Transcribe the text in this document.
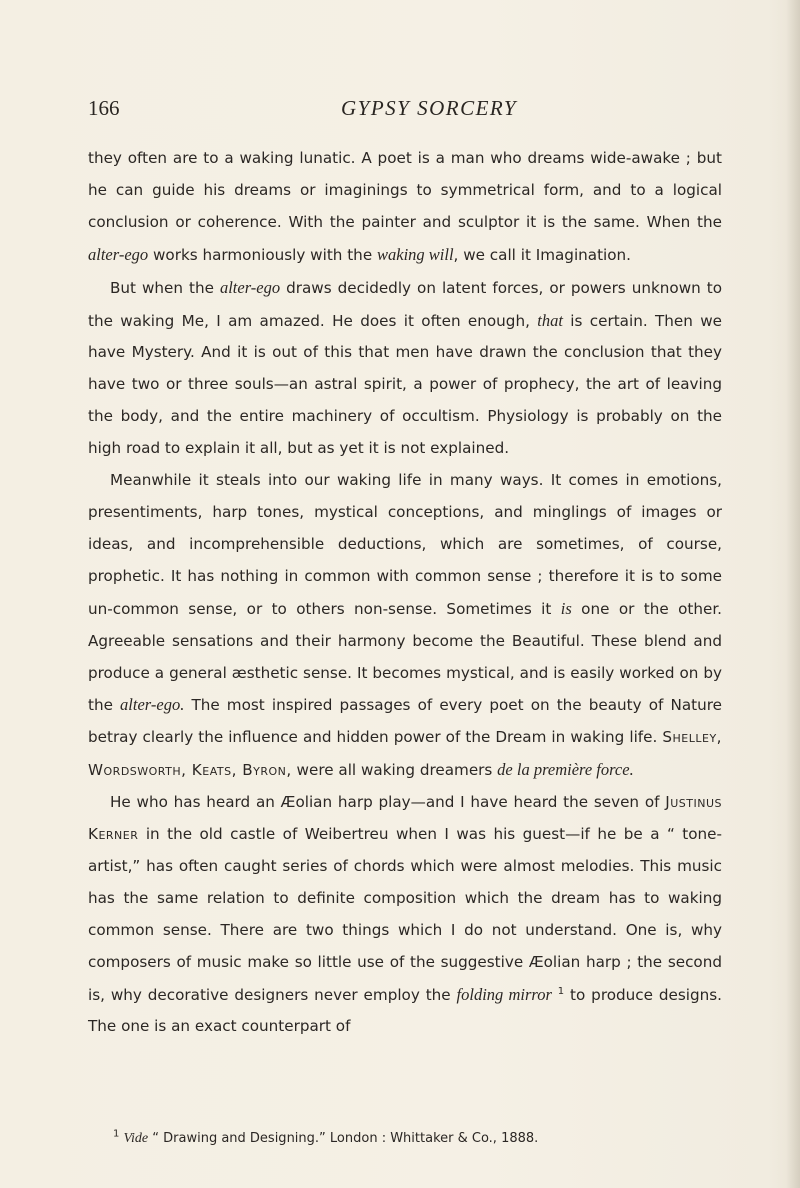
166	GYPSY SORCERY

they often are to a waking lunatic. A poet is a man who dreams wide-awake ; but he can guide his dreams or imaginings to symmetrical form, and to a logical conclusion or coherence. With the painter and sculptor it is the same. When the alter-ego works harmoniously with the waking will, we call it Imagination.

But when the alter-ego draws decidedly on latent forces, or powers unknown to the waking Me, I am amazed. He does it often enough, that is certain. Then we have Mystery. And it is out of this that men have drawn the conclusion that they have two or three souls—an astral spirit, a power of prophecy, the art of leaving the body, and the entire machinery of occultism. Physiology is probably on the high road to explain it all, but as yet it is not explained.

Meanwhile it steals into our waking life in many ways. It comes in emotions, presentiments, harp tones, mystical conceptions, and minglings of images or ideas, and incomprehensible deductions, which are sometimes, of course, prophetic. It has nothing in common with common sense ; therefore it is to some un-common sense, or to others non-sense. Sometimes it is one or the other. Agreeable sensations and their harmony become the Beautiful. These blend and produce a general æsthetic sense. It becomes mystical, and is easily worked on by the alter-ego. The most inspired passages of every poet on the beauty of Nature betray clearly the influence and hidden power of the Dream in waking life. Shelley, Wordsworth, Keats, Byron, were all waking dreamers de la première force.

He who has heard an Æolian harp play—and I have heard the seven of Justinus Kerner in the old castle of Weibertreu when I was his guest—if he be a “ tone-artist,” has often caught series of chords which were almost melodies. This music has the same relation to definite composition which the dream has to waking common sense. There are two things which I do not understand. One is, why composers of music make so little use of the suggestive Æolian harp ; the second is, why decorative designers never employ the folding mirror $^1$ to produce designs. The one is an exact counterpart of

$^1$ Vide “ Drawing and Designing.” London : Whittaker & Co., 1888.
